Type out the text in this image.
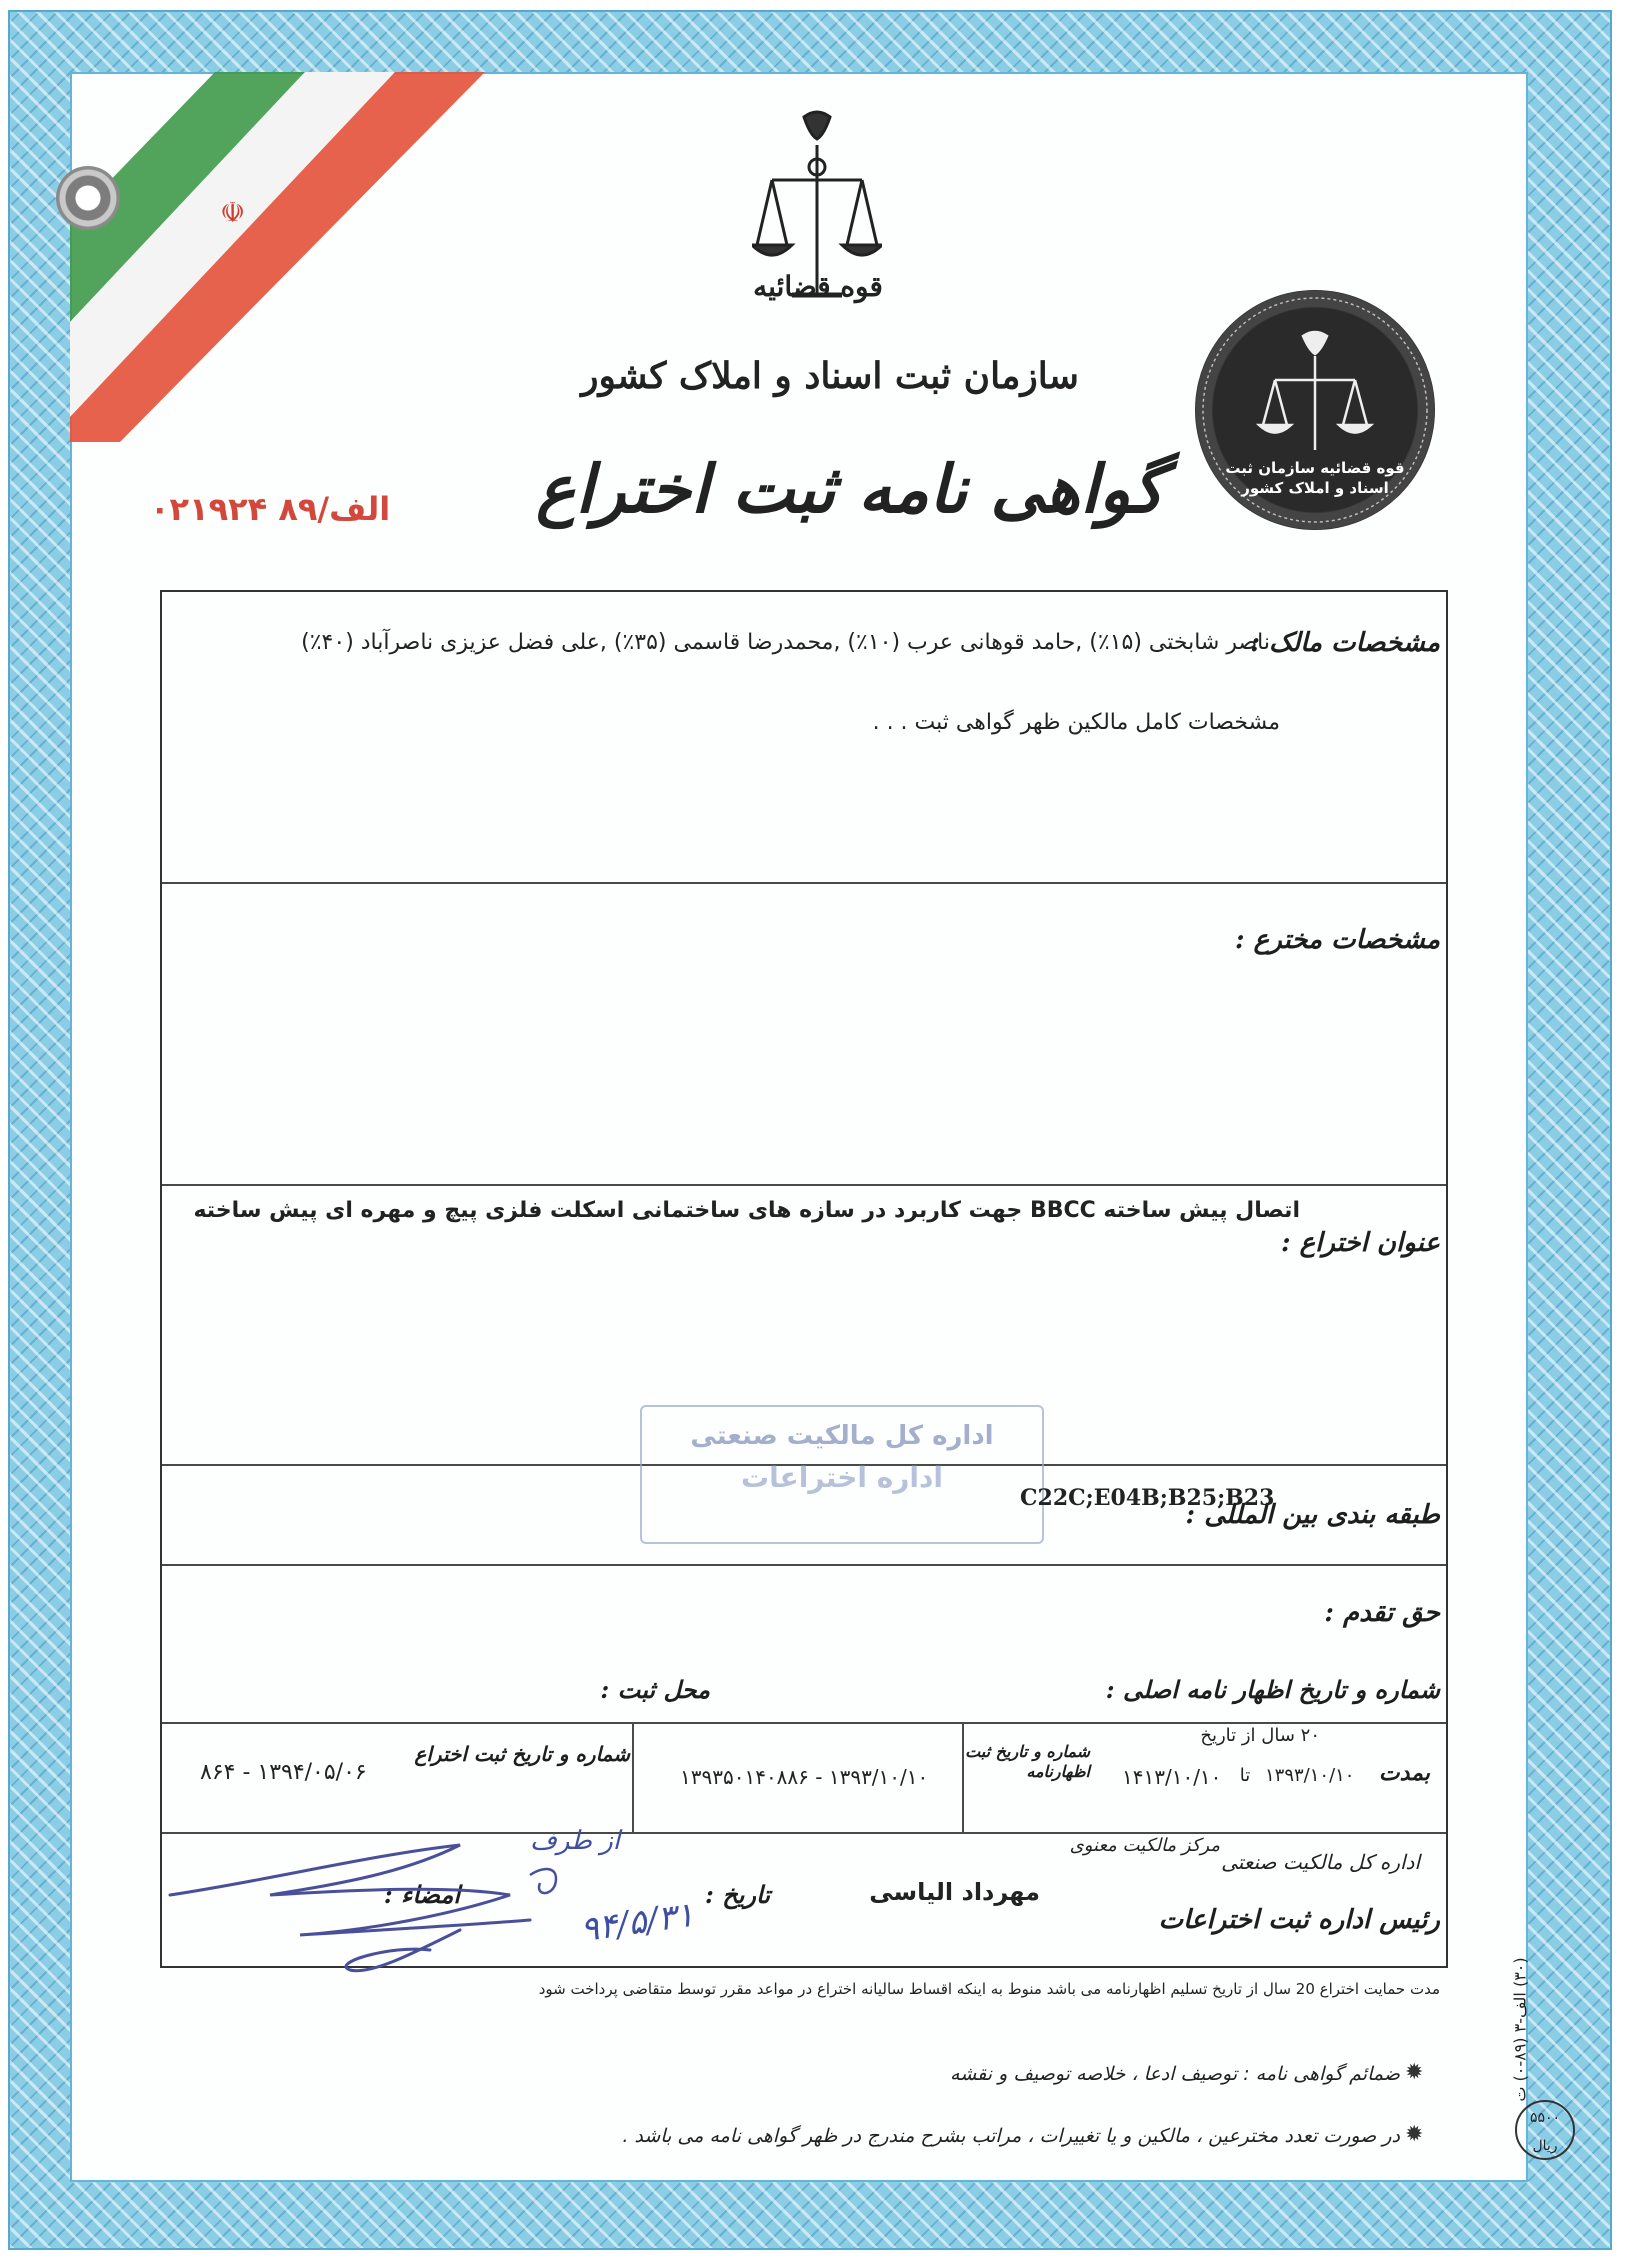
☫
قوه قضائیه
سازمان ثبت اسناد و املاک کشور
گواهی نامه ثبت اختراع
الف/۸۹ ۰۲۱۹۲۴
قوه قضائیه سازمان ثبت اسناد و املاک کشور
مشخصات مالک :
ناصر شابختی (۱۵٪) ,حامد قوهانی عرب (۱۰٪) ,محمدرضا قاسمی (۳۵٪) ,علی فضل عزیزی ناصرآباد (۴۰٪)
مشخصات کامل مالکین ظهر گواهی ثبت . . .
مشخصات مخترع :
اتصال پیش ساخته BBCC جهت کاربرد در سازه های ساختمانی اسکلت فلزی پیچ و مهره ای پیش ساخته
عنوان اختراع :
اداره کل مالکیت صنعتی
اداره اختراعات
C22C;E04B;B25;B23
طبقه بندی بین المللی :
حق تقدم :
شماره و تاریخ اظهار نامه اصلی :
محل ثبت :
شماره و تاریخ ثبت اختراع
۸۶۴ - ۱۳۹۴/۰۵/۰۶
شماره و تاریخ ثبت اظهارنامه
۱۳۹۳۵۰۱۴۰۸۸۶ - ۱۳۹۳/۱۰/۱۰
۲۰ سال از تاریخ
بمدت
۱۳۹۳/۱۰/۱۰
تا
۱۴۱۳/۱۰/۱۰
مرکز مالکیت معنوی
اداره کل مالکیت صنعتی
مهرداد الیاسی
رئیس اداره ثبت اختراعات
تاریخ :
امضاء :
۹۴/۵/۳۱
از طرف
مدت حمایت اختراع 20 سال از تاریخ تسلیم اظهارنامه می باشد منوط به اینکه اقساط سالیانه اختراع در مواعد مقرر توسط متقاضی پرداخت شود
ضمائم گواهی نامه : توصیف ادعا ، خلاصه توصیف و نقشه ✹
در صورت تعدد مخترعین ، مالکین و یا تغییرات ، مراتب بشرح مندرج در ظهر گواهی نامه می باشد . ✹
(۳۰) الف-۳ (۸۹-۰) ت
۵۵۰۰ ریال
